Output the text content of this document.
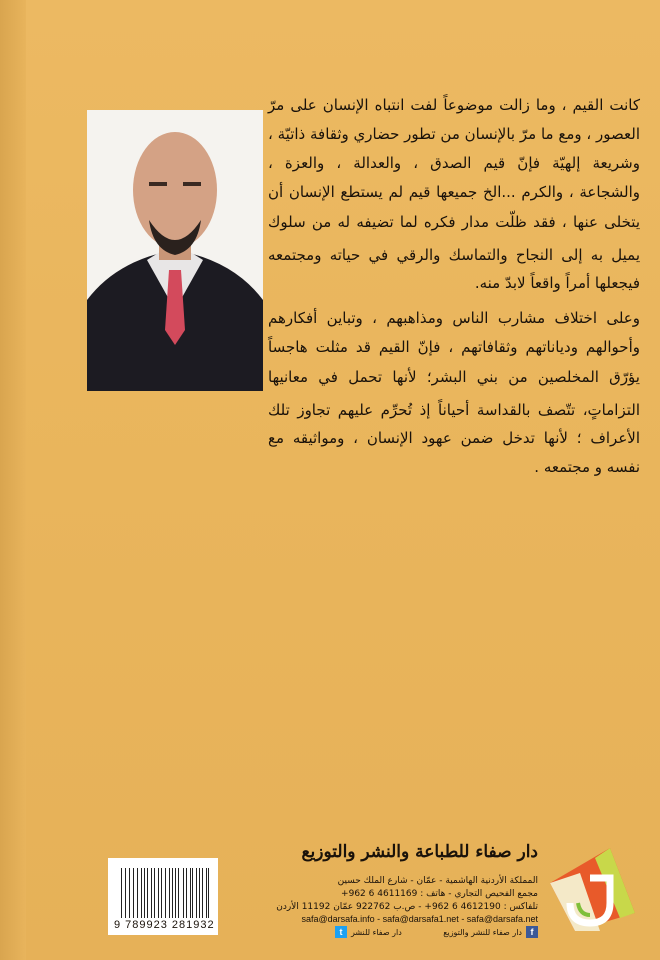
كانت القيم ، وما زالت موضوعاً لفت انتباه الإنسان على مرّ
العصور ، ومع ما مرّ بالإنسان من تطور حضاري وثقافة ذاتيّة ،
وشريعة إلهيّة فإنّ قيم الصدق ، والعدالة ، والعزة ،
والشجاعة ، والكرم ...الخ جميعها قيم لم يستطع الإنسان أن
يتخلى عنها ، فقد ظلّت مدار فكره لما تضيفه له من سلوك
يميل به إلى النجاح والتماسك والرقي في حياته ومجتمعه
فيجعلها أمراً واقعاً لابدّ منه.
وعلى اختلاف مشارب الناس ومذاهبهم ، وتباين أفكارهم
وأحوالهم ودياناتهم وثقافاتهم ، فإنّ القيم قد مثلت هاجساً
يؤرّق المخلصين من بني البشر؛ لأنها تحمل في معانيها
التزاماتٍ، تتّصف بالقداسة أحياناً إذ تُحرِّم عليهم تجاوز تلك
الأعراف ؛ لأنها تدخل ضمن عهود الإنسان ، ومواثيقه مع
نفسه و مجتمعه .
9 789923 281932
دار صفاء للطباعة والنشر والتوزيع
المملكة الأردنية الهاشمية - عمّان - شارع الملك حسين
مجمع الفحيص التجاري - هاتف : 4611169 6 962+
تلفاكس : 4612190 6 962+ - ص.ب 922762 عمّان 11192 الأردن
safa@darsafa.info - safa@darsafa1.net - safa@darsafa.net
f
دار صفاء للنشر والتوزيع
دار صفاء للنشر
t
